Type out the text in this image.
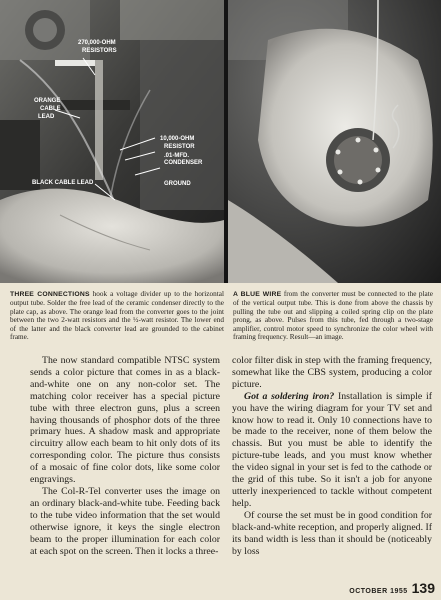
270,000-OHM
RESISTORS
ORANGE
CABLE
LEAD
10,000-OHM
RESISTOR
.01-MFD.
CONDENSER
GROUND
BLACK CABLE LEAD
THREE CONNECTIONS hook a voltage divider up to the horizontal output tube. Solder the free lead of the ceramic condenser directly to the plate cap, as above. The orange lead from the converter goes to the joint between the two 2-watt resistors and the ½-watt resistor. The lower end of the latter and the black converter lead are grounded to the cabinet frame.
A BLUE WIRE from the converter must be connected to the plate of the vertical output tube. This is done from above the chassis by pulling the tube out and slipping a coiled spring clip on the plate prong, as above. Pulses from this tube, fed through a two-stage amplifier, control motor speed to synchronize the color wheel with framing frequency. Result—an image.

The now standard compatible NTSC system sends a color picture that comes in as a black-and-white one on any non-color set. The matching color receiver has a special picture tube with three electron guns, plus a screen having thousands of phosphor dots of the three primary hues. A shadow mask and appropriate circuitry allow each beam to hit only dots of its corresponding color. The picture thus consists of a mosaic of fine color dots, like some color engravings.

The Col-R-Tel converter uses the image on an ordinary black-and-white tube. Feeding back to the tube video information that the set would otherwise ignore, it keys the single electron beam to the proper illumination for each color at each spot on the screen. Then it locks a three-

color filter disk in step with the framing frequency, somewhat like the CBS system, producing a color picture.

Got a soldering iron? Installation is simple if you have the wiring diagram for your TV set and know how to read it. Only 10 connections have to be made to the receiver, none of them below the chassis. But you must be able to identify the picture-tube leads, and you must know whether the video signal in your set is fed to the cathode or the grid of this tube. So it isn't a job for anyone utterly inexperienced to tackle without competent help.

Of course the set must be in good condition for black-and-white reception, and properly aligned. If its band width is less than it should be (noticeably by loss

OCTOBER 1955 139
